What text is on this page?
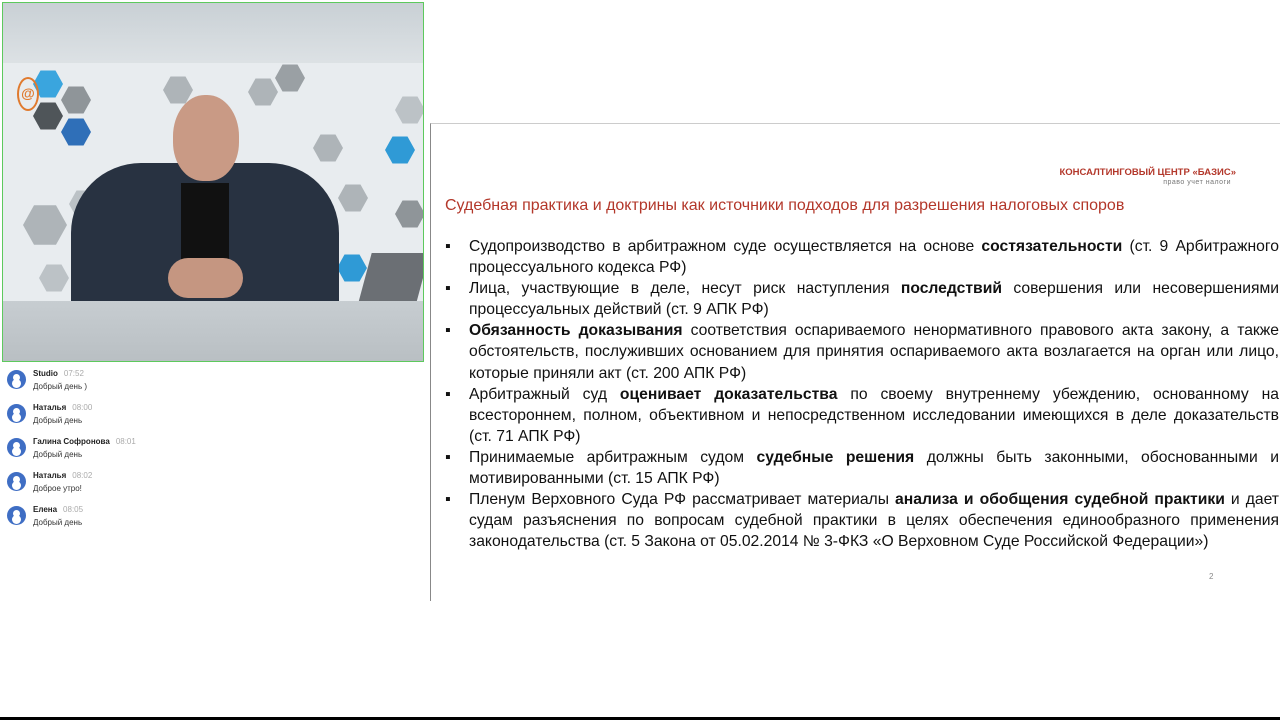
@
Studio 07:52
Добрый день )
Наталья 08:00
Добрый день
Галина Софронова 08:01
Добрый день
Наталья 08:02
Доброе утро!
Елена 08:05
Добрый день
КОНСАЛТИНГОВЫЙ ЦЕНТР «БАЗИС»
право учет налоги
Судебная практика и доктрины как источники подходов для разрешения налоговых споров
▪ Судопроизводство в арбитражном суде осуществляется на основе состязательности (ст. 9 Арбитражного процессуального кодекса РФ)
▪ Лица, участвующие в деле, несут риск наступления последствий совершения или несовершениями процессуальных действий (ст. 9 АПК РФ)
▪ Обязанность доказывания соответствия оспариваемого ненормативного правового акта закону, а также обстоятельств, послуживших основанием для принятия оспариваемого акта возлагается на орган или лицо, которые приняли акт (ст. 200 АПК РФ)
▪ Арбитражный суд оценивает доказательства по своему внутреннему убеждению, основанному на всестороннем, полном, объективном и непосредственном исследовании имеющихся в деле доказательств (ст. 71 АПК РФ)
▪ Принимаемые арбитражным судом судебные решения должны быть законными, обоснованными и мотивированными (ст. 15 АПК РФ)
▪ Пленум Верховного Суда РФ рассматривает материалы анализа и обобщения судебной практики и дает судам разъяснения по вопросам судебной практики в целях обеспечения единообразного применения законодательства (ст. 5 Закона от 05.02.2014 № 3-ФКЗ «О Верховном Суде Российской Федерации»)
2
